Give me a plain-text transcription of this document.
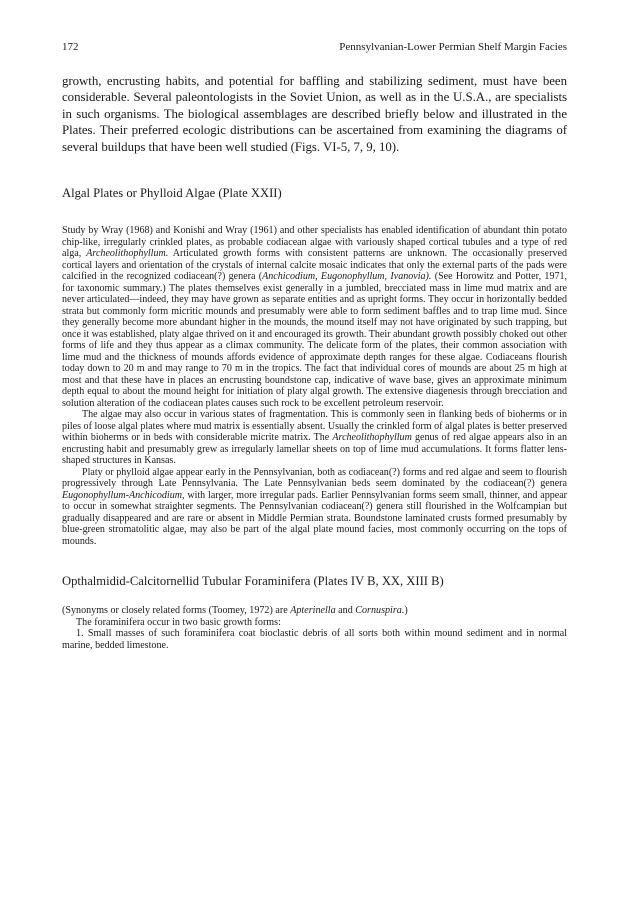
172	Pennsylvanian-Lower Permian Shelf Margin Facies

growth, encrusting habits, and potential for baffling and stabilizing sediment, must have been considerable. Several paleontologists in the Soviet Union, as well as in the U.S.A., are specialists in such organisms. The biological assemblages are described briefly below and illustrated in the Plates. Their preferred ecologic distributions can be ascertained from examining the diagrams of several buildups that have been well studied (Figs. VI-5, 7, 9, 10).

Algal Plates or Phylloid Algae (Plate XXII)

Study by Wray (1968) and Konishi and Wray (1961) and other specialists has enabled identification of abundant thin potato chip-like, irregularly crinkled plates, as probable codiacean algae with variously shaped cortical tubules and a type of red alga, Archeolithophyllum. Articulated growth forms with consistent patterns are unknown. The occasionally preserved cortical layers and orientation of the crystals of internal calcite mosaic indicates that only the external parts of the pads were calcified in the recognized codiacean(?) genera (Anchicodium, Eugonophyllum, Ivanovia). (See Horowitz and Potter, 1971, for taxonomic summary.) The plates themselves exist generally in a jumbled, brecciated mass in lime mud matrix and are never articulated—indeed, they may have grown as separate entities and as upright forms. They occur in horizontally bedded strata but commonly form micritic mounds and presumably were able to form sediment baffles and to trap lime mud. Since they generally become more abundant higher in the mounds, the mound itself may not have originated by such trapping, but once it was established, platy algae thrived on it and encouraged its growth. Their abundant growth possibly choked out other forms of life and they thus appear as a climax community. The delicate form of the plates, their common association with lime mud and the thickness of mounds affords evidence of approximate depth ranges for these algae. Codiaceans flourish today down to 20 m and may range to 70 m in the tropics. The fact that individual cores of mounds are about 25 m high at most and that these have in places an encrusting boundstone cap, indicative of wave base, gives an approximate minimum depth equal to about the mound height for initiation of platy algal growth. The extensive diagenesis through brecciation and solution alteration of the codiacean plates causes such rock to be excellent petroleum reservoir.

The algae may also occur in various states of fragmentation. This is commonly seen in flanking beds of bioherms or in piles of loose algal plates where mud matrix is essentially absent. Usually the crinkled form of algal plates is better preserved within bioherms or in beds with considerable micrite matrix. The Archeolithophyllum genus of red algae appears also in an encrusting habit and presumably grew as irregularly lamellar sheets on top of lime mud accumulations. It forms flatter lens-shaped structures in Kansas.

Platy or phylloid algae appear early in the Pennsylvanian, both as codiacean(?) forms and red algae and seem to flourish progressively through Late Pennsylvania. The Late Pennsylvanian beds seem dominated by the codiacean(?) genera Eugonophyllum-Anchicodium, with larger, more irregular pads. Earlier Pennsylvanian forms seem small, thinner, and appear to occur in somewhat straighter segments. The Pennsylvanian codiacean(?) genera still flourished in the Wolfcampian but gradually disappeared and are rare or absent in Middle Permian strata. Boundstone laminated crusts formed presumably by blue-green stromatolitic algae, may also be part of the algal plate mound facies, most commonly occurring on the tops of mounds.

Opthalmidid-Calcitornellid Tubular Foraminifera (Plates IV B, XX, XIII B)

(Synonyms or closely related forms (Toomey, 1972) are Apterinella and Cornuspira.)

The foraminifera occur in two basic growth forms:

1. Small masses of such foraminifera coat bioclastic debris of all sorts both within mound sediment and in normal marine, bedded limestone.
